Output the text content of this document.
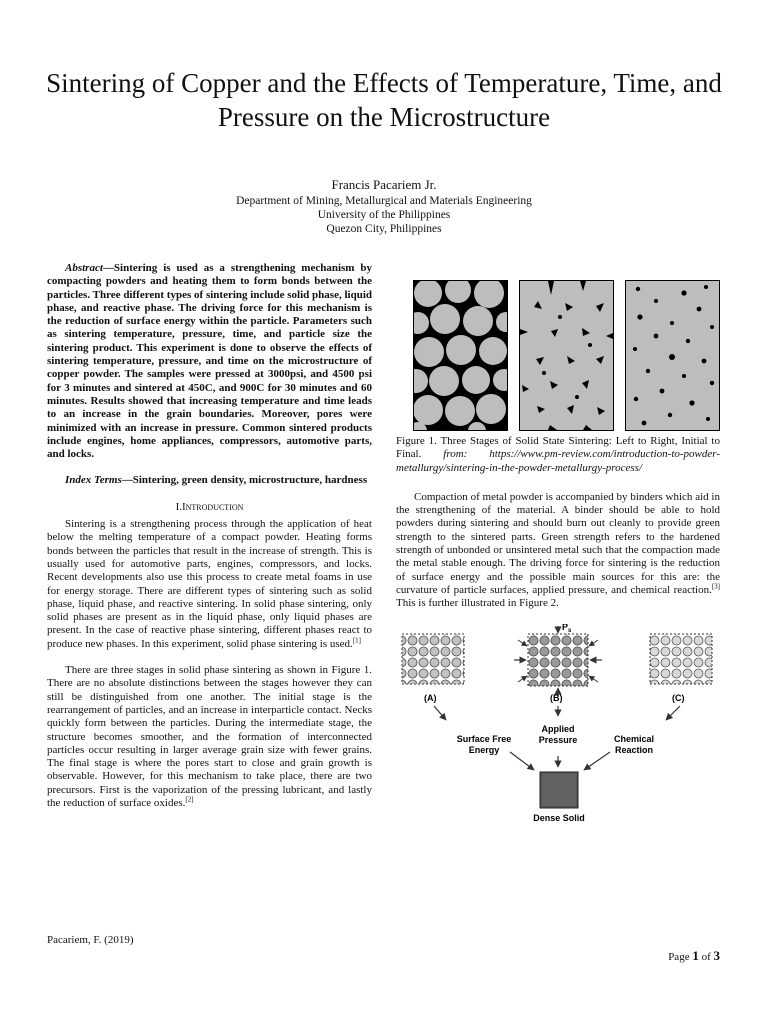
Sintering of Copper and the Effects of Temperature, Time, and Pressure on the Microstructure
Francis Pacariem Jr.
Department of Mining, Metallurgical and Materials Engineering
University of the Philippines
Quezon City, Philippines

Abstract—Sintering is used as a strengthening mechanism by compacting powders and heating them to form bonds between the particles. Three different types of sintering include solid phase, liquid phase, and reactive phase. The driving force for this mechanism is the reduction of surface energy within the particle. Parameters such as sintering temperature, pressure, time, and particle size the sintering product. This experiment is done to observe the effects of sintering temperature, pressure, and time on the microstructure of copper powder. The samples were pressed at 3000psi, and 4500 psi for 3 minutes and sintered at 450C, and 900C for 30 minutes and 60 minutes. Results showed that increasing temperature and time leads to an increase in the grain boundaries. Moreover, pores were minimized with an increase in pressure. Common sintered products include engines, home appliances, compressors, automotive parts, and locks.

Index Terms—Sintering, green density, microstructure, hardness

I.Introduction

Sintering is a strengthening process through the application of heat below the melting temperature of a compact powder. Heating forms bonds between the particles that result in the increase of strength. This is usually used for automotive parts, engines, compressors, and locks. Recent developments also use this process to create metal foams in use for energy storage. There are different types of sintering such as solid phase, liquid phase, and reactive sintering. In solid phase sintering, only solid phases are present as in the liquid phase, only liquid phases are present. In the case of reactive phase sintering, different phases react to produce new phases. In this experiment, solid phase sintering is used.[1]

There are three stages in solid phase sintering as shown in Figure 1. There are no absolute distinctions between the stages however they can still be distinguished from one another. The initial stage is the rearrangement of particles, and an increase in interparticle contact. Necks quickly form between the particles. During the intermediate stage, the structure becomes smoother, and the formation of interconnected particles occur resulting in larger average grain size with fewer grains. The final stage is where the pores start to close and grain growth is observable. However, for this mechanism to take place, there are two precursors. First is the vaporization of the pressing lubricant, and lastly the reduction of surface oxides.[2]

Figure 1. Three Stages of Solid State Sintering: Left to Right, Initial to Final. from: https://www.pm-review.com/introduction-to-powder-metallurgy/sintering-in-the-powder-metallurgy-process/

Compaction of metal powder is accompanied by binders which aid in the strengthening of the material. A binder should be able to hold powders during sintering and should burn out cleanly to provide green strength to the sintered parts. Green strength refers to the hardened strength of unbonded or unsintered metal such that the compaction made the metal stable enough. The driving force for sintering is the reduction of surface energy and the possible main sources for this are: the curvature of particle surfaces, applied pressure, and chemical reaction.[3] This is further illustrated in Figure 2.

$P_s$
(A)	(B)	(C)
Surface Free Energy
Applied Pressure	Chemical Reaction
Dense Solid
Pacariem, F. (2019)
Page 1 of 3
